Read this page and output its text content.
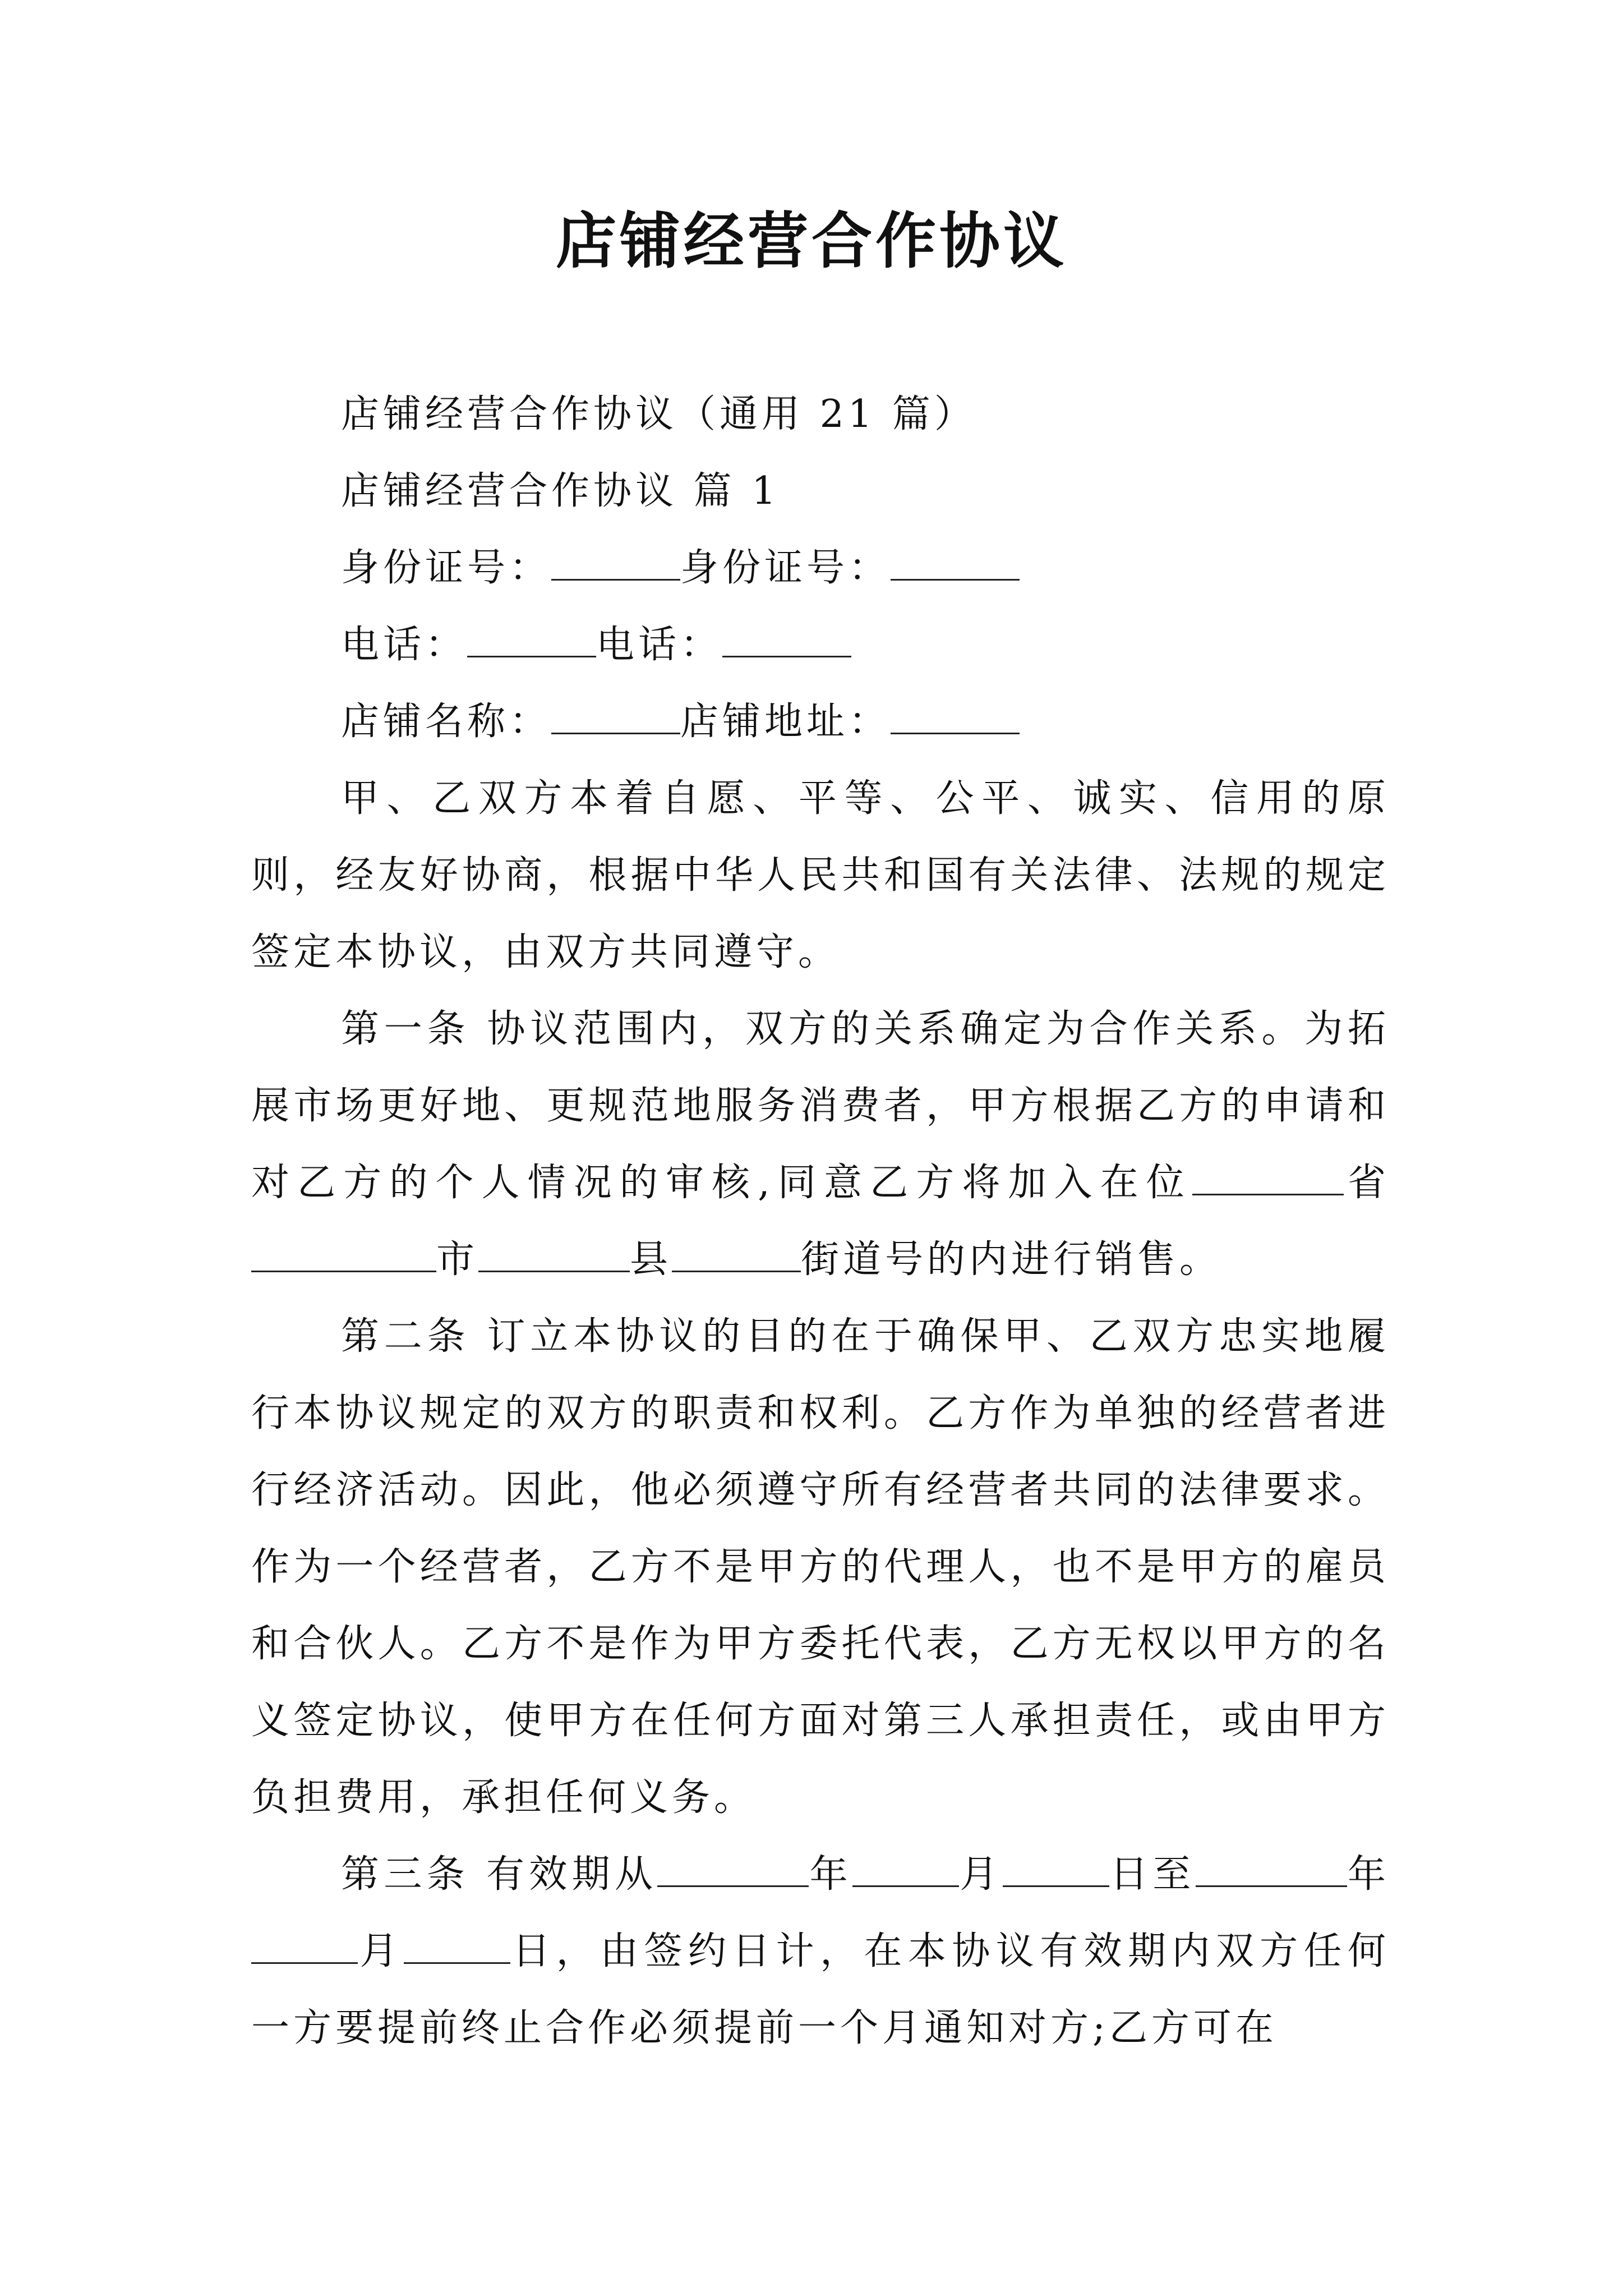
店铺经营合作协议

店铺经营合作协议（通用 21 篇）

店铺经营合作协议 篇 1

身份证号：	身份证号：

电话：	电话：

店铺名称：	店铺地址：

甲、乙双方本着自愿、平等、公平、诚实、信用的原则，经友好协商，根据中华人民共和国有关法律、法规的规定签定本协议，由双方共同遵守。

第一条 协议范围内，双方的关系确定为合作关系。为拓展市场更好地、更规范地服务消费者，甲方根据乙方的申请和对乙方的个人情况的审核,同意乙方将加入在位	省市	县	街道号的内进行销售。

第二条 订立本协议的目的在于确保甲、乙双方忠实地履行本协议规定的双方的职责和权利。乙方作为单独的经营者进行经济活动。因此，他必须遵守所有经营者共同的法律要求。作为一个经营者，乙方不是甲方的代理人，也不是甲方的雇员和合伙人。乙方不是作为甲方委托代表，乙方无权以甲方的名义签定协议，使甲方在任何方面对第三人承担责任，或由甲方负担费用，承担任何义务。

第三条 有效期从	年	月	日至	年月	日，由签约日计，在本协议有效期内双方任何一方要提前终止合作必须提前一个月通知对方;乙方可在
